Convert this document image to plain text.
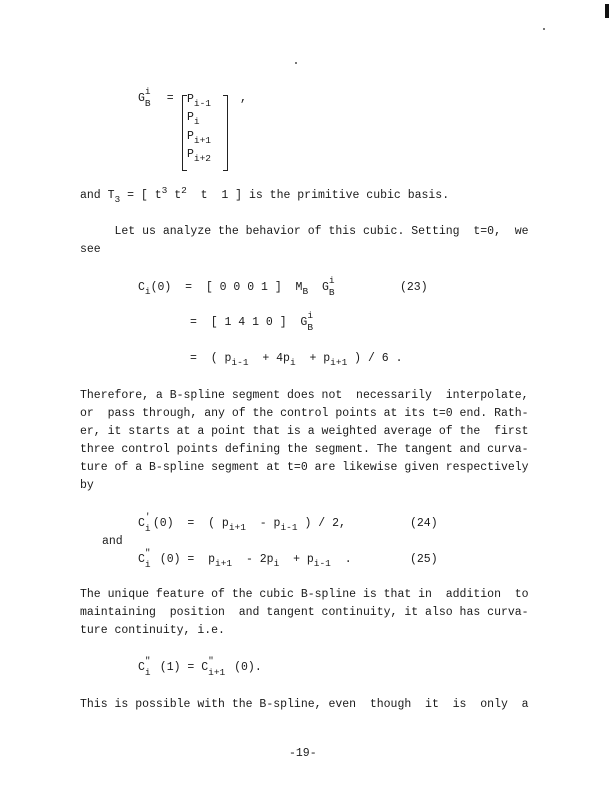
G
i
$B = P_{i-1}$
$P_i$
$P_{i+1}$
$P_{i+2}$
,
and $T_3$ = [ $t^3$ $t^2$  t  1 ] is the primitive cubic basis.
Let us analyze the behavior of this cubic. Setting  t=0,  we
see
$C_i(0)$  =  [ 0 0 0 1 ]  $M_B$  G
i
B	(23)
=  [ 1 4 1 0 ]  G
i
B
=  ( $p_{i-1} + 4p_i + p_{i+1}$ ) / 6 .
Therefore, a B-spline segment does not  necessarily  interpolate,
or  pass through, any of the control points at its t=0 end. Rath-
er, it starts at a point that is a weighted average of the  first
three control points defining the segment. The tangent and curva-
ture of a B-spline segment at t=0 are likewise given respectively
by
C
'
i (0)  =  ( $p_{i+1} - p_{i-1}$ ) / 2,	(24)
and
C
"
i $(0) = p_{i+1} - 2p_i + p_{i-1}$  .	(25)
The unique feature of the cubic B-spline is that in  addition  to
maintaining  position  and tangent continuity, it also has curva-
ture continuity, i.e.
C
"
i (1) = C
"
i+1 (0).
This is possible with the B-spline, even  though  it  is  only  a
-19-
